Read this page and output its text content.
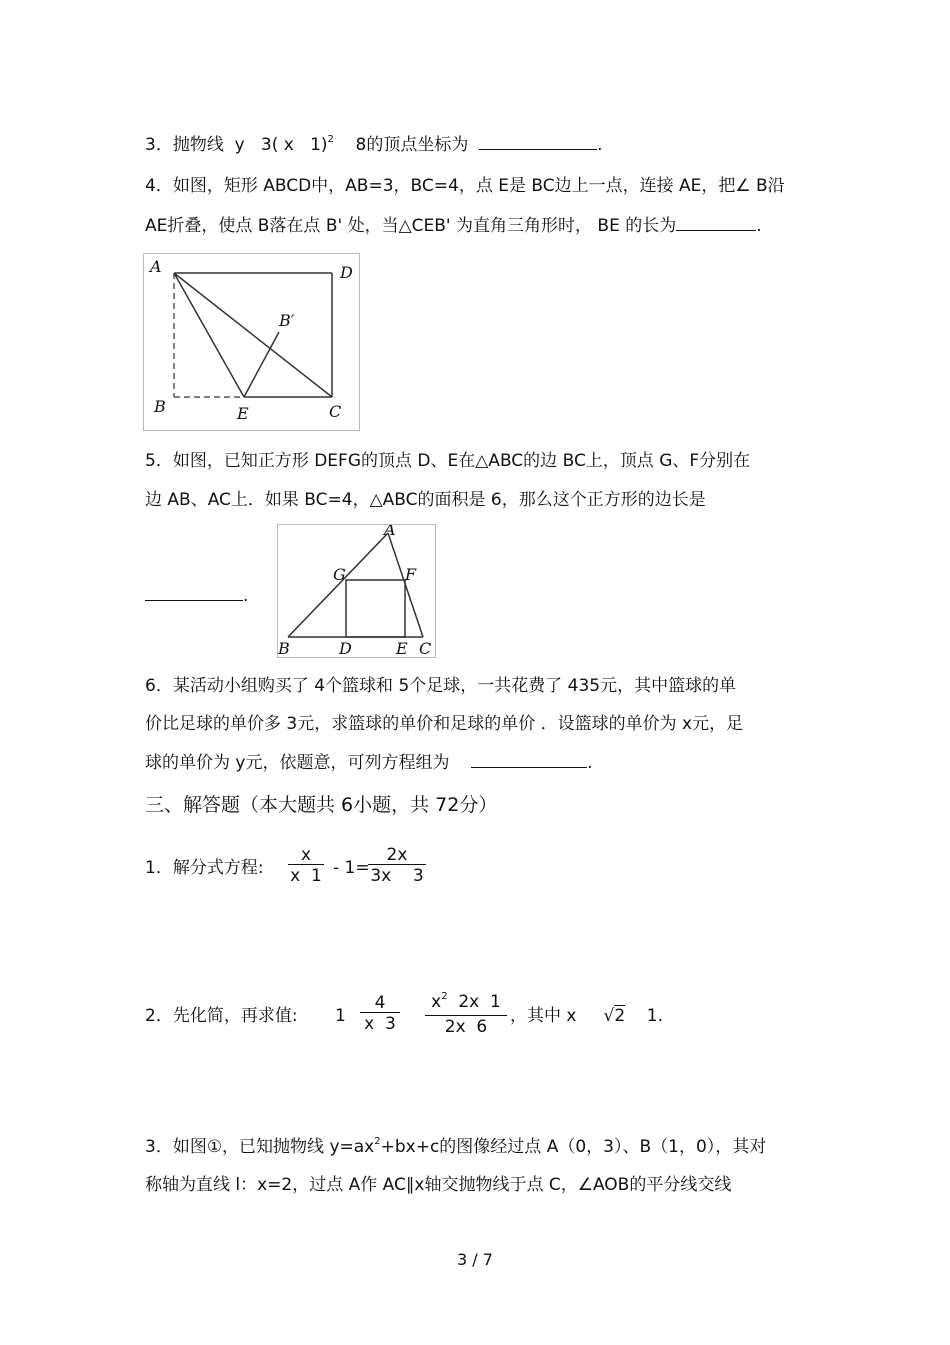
3．抛物线 y 3( x 1)$^2$ 8的顶点坐标为	.
4．如图，矩形 ABCD中，AB=3，BC=4，点 E是 BC边上一点，连接 AE，把∠ B沿
AE折叠，使点 B落在点 B' 处，当△CEB' 为直角三角形时， BE 的长为	.
A	D
B′
B	E	C
5．如图，已知正方形 DEFG的顶点 D、E在△ABC的边 BC上，顶点 G、F分别在
边 AB、AC上．如果 BC=4，△ABC的面积是 6，那么这个正方形的边长是
.
A
G	F
B	D	E C
6．某活动小组购买了 4个篮球和 5个足球，一共花费了 435元，其中篮球的单
价比足球的单价多 3元，求篮球的单价和足球的单价 ．设篮球的单价为 x元，足
球的单价为 y元，依题意，可列方程组为	.
三、解答题（本大题共 6小题，共 72分）
1．解分式方程: $\frac{x}{x 1} - 1=$
$\frac{2x}{3x 3}$
2．先化简，再求值: $1 \frac{4}{x 3} \frac{x^2 2x 1}{2x 6}$ ，其中 x √2 1.
3．如图①，已知抛物线 $y=ax^2+bx+c$的图像经过点 A（0，3）、B（1，0），其对
称轴为直线 l：x=2，过点 A作 AC∥x轴交抛物线于点 C，∠AOB的平分线交线
3 / 7
